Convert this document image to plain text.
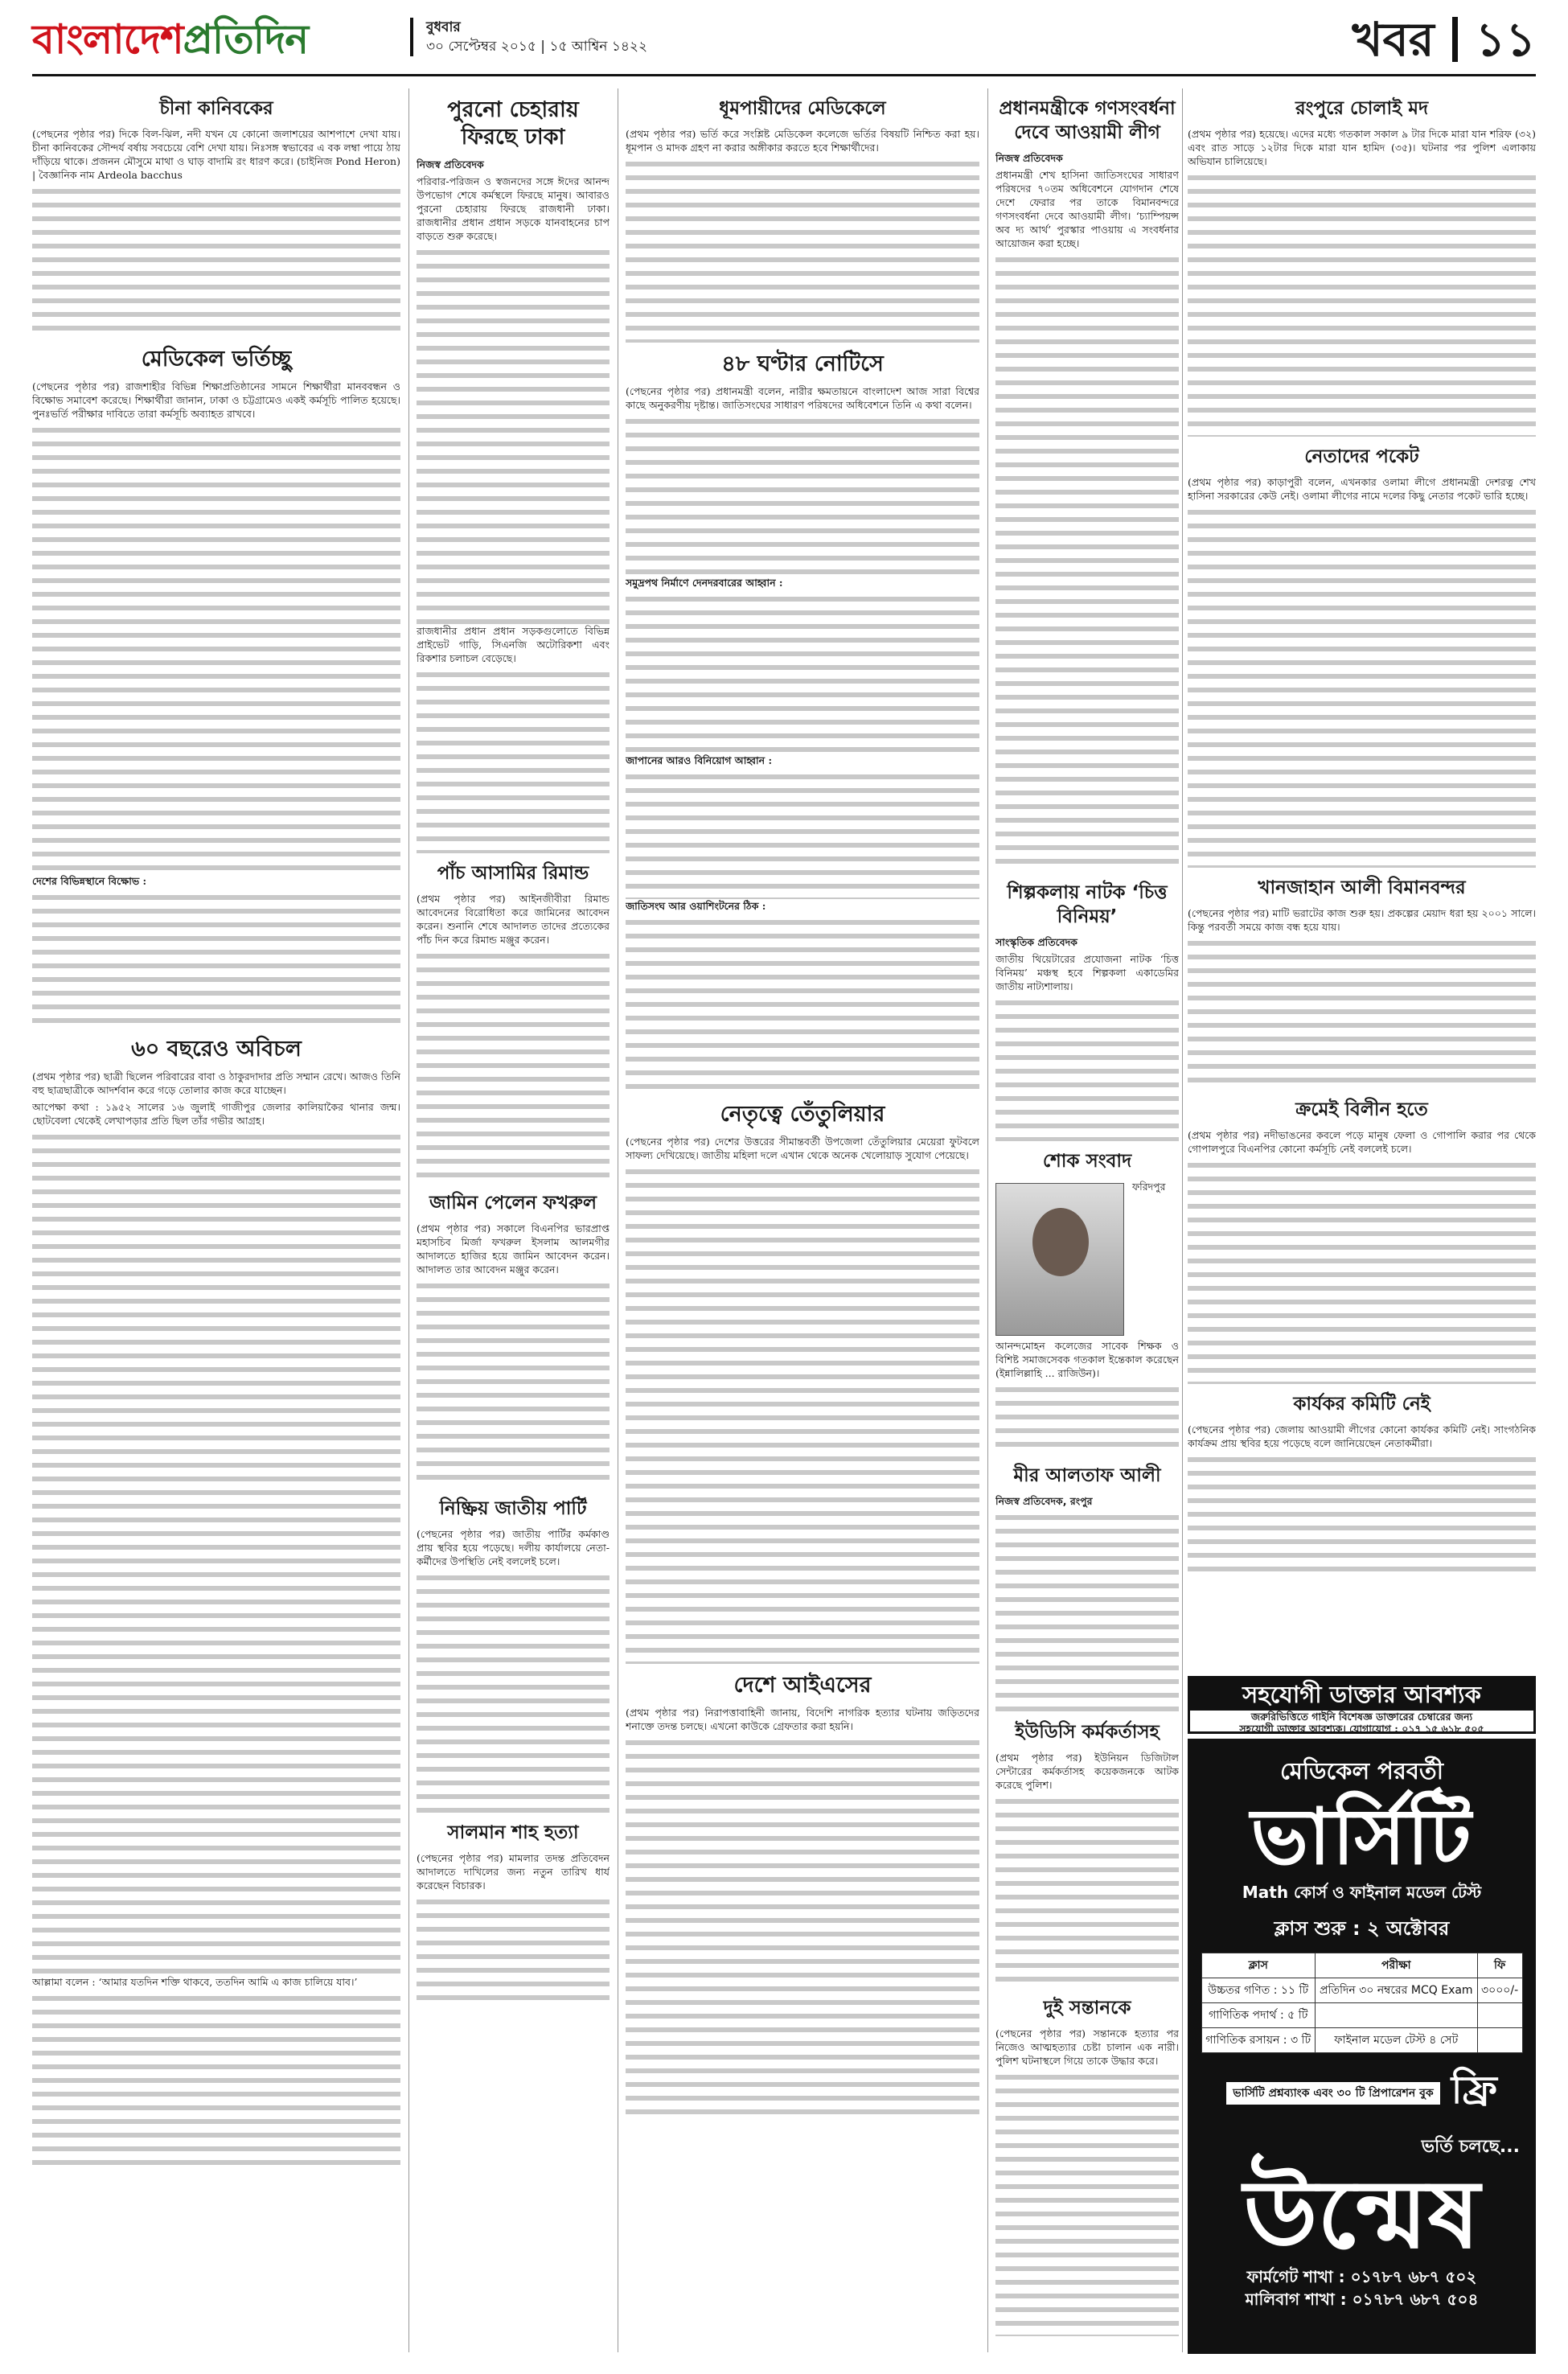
বাংলাদেশপ্রতিদিন	বুধবার
৩০ সেপ্টেম্বর ২০১৫ | ১৫ আশ্বিন ১৪২২	খবর ১১
চীনা কানিবকের

(পেছনের পৃষ্ঠার পর) দিকে বিল-ঝিল, নদী যখন যে কোনো জলাশয়ের আশপাশে দেখা যায়। চীনা কানিবকের সৌন্দর্য বর্ষায় সবচেয়ে বেশি দেখা যায়। নিঃসঙ্গ স্বভাবের এ বক লম্বা পায়ে ঠায় দাঁড়িয়ে থাকে। প্রজনন মৌসুমে মাথা ও ঘাড় বাদামি রং ধারণ করে। (চাইনিজ Pond Heron) | বৈজ্ঞানিক নাম Ardeola bacchus

মেডিকেল ভর্তিচ্ছু

(পেছনের পৃষ্ঠার পর) রাজশাহীর বিভিন্ন শিক্ষাপ্রতিষ্ঠানের সামনে শিক্ষার্থীরা মানববন্ধন ও বিক্ষোভ সমাবেশ করেছে। শিক্ষার্থীরা জানান, ঢাকা ও চট্টগ্রামেও একই কর্মসূচি পালিত হয়েছে। পুনঃভর্তি পরীক্ষার দাবিতে তারা কর্মসূচি অব্যাহত রাখবে।

দেশের বিভিন্নস্থানে বিক্ষোভ :

৬০ বছরেও অবিচল

(প্রথম পৃষ্ঠার পর) ছাত্রী ছিলেন পরিবারের বাবা ও ঠাকুরদাদার প্রতি সম্মান রেখে। আজও তিনি বহু ছাত্রছাত্রীকে আদর্শবান করে গড়ে তোলার কাজ করে যাচ্ছেন।

আপেক্ষা কথা : ১৯৫২ সালের ১৬ জুলাই গাজীপুর জেলার কালিয়াকৈর থানার জন্ম। ছোটবেলা থেকেই লেখাপড়ার প্রতি ছিল তাঁর গভীর আগ্রহ।

আল্লামা বলেন : ‘আমার যতদিন শক্তি থাকবে, ততদিন আমি এ কাজ চালিয়ে যাব।’

পুরনো চেহারায় ফিরছে ঢাকা
নিজস্ব প্রতিবেদক

পরিবার-পরিজন ও স্বজনদের সঙ্গে ঈদের আনন্দ উপভোগ শেষে কর্মস্থলে ফিরছে মানুষ। আবারও পুরনো চেহারায় ফিরছে রাজধানী ঢাকা। রাজধানীর প্রধান প্রধান সড়কে যানবাহনের চাপ বাড়তে শুরু করেছে।

রাজধানীর প্রধান প্রধান সড়কগুলোতে বিভিন্ন প্রাইভেট গাড়ি, সিএনজি অটোরিকশা এবং রিকশার চলাচল বেড়েছে।

পাঁচ আসামির রিমান্ড

(প্রথম পৃষ্ঠার পর) আইনজীবীরা রিমান্ড আবেদনের বিরোধিতা করে জামিনের আবেদন করেন। শুনানি শেষে আদালত তাদের প্রত্যেকের পাঁচ দিন করে রিমান্ড মঞ্জুর করেন।

জামিন পেলেন ফখরুল

(প্রথম পৃষ্ঠার পর) সকালে বিএনপির ভারপ্রাপ্ত মহাসচিব মির্জা ফখরুল ইসলাম আলমগীর আদালতে হাজির হয়ে জামিন আবেদন করেন। আদালত তার আবেদন মঞ্জুর করেন।

নিষ্ক্রিয় জাতীয় পার্টি

(পেছনের পৃষ্ঠার পর) জাতীয় পার্টির কর্মকাণ্ড প্রায় স্থবির হয়ে পড়েছে। দলীয় কার্যালয়ে নেতা-কর্মীদের উপস্থিতি নেই বললেই চলে।

সালমান শাহ হত্যা

(পেছনের পৃষ্ঠার পর) মামলার তদন্ত প্রতিবেদন আদালতে দাখিলের জন্য নতুন তারিখ ধার্য করেছেন বিচারক।

ধূমপায়ীদের মেডিকেলে

(প্রথম পৃষ্ঠার পর) ভর্তি করে সংশ্লিষ্ট মেডিকেল কলেজে ভর্তির বিষয়টি নিশ্চিত করা হয়। ধূমপান ও মাদক গ্রহণ না করার অঙ্গীকার করতে হবে শিক্ষার্থীদের।

৪৮ ঘণ্টার নোটিসে

(পেছনের পৃষ্ঠার পর) প্রধানমন্ত্রী বলেন, নারীর ক্ষমতায়নে বাংলাদেশ আজ সারা বিশ্বের কাছে অনুকরণীয় দৃষ্টান্ত। জাতিসংঘের সাধারণ পরিষদের অধিবেশনে তিনি এ কথা বলেন।

সমুদ্রপথ নির্মাণে দেনদরবারের আহ্বান :

জাপানের আরও বিনিয়োগ আহ্বান :

জাতিসংঘ আর ওয়াশিংটনের ঠিক :

নেতৃত্বে তেঁতুলিয়ার

(পেছনের পৃষ্ঠার পর) দেশের উত্তরের সীমান্তবর্তী উপজেলা তেঁতুলিয়ার মেয়েরা ফুটবলে সাফল্য দেখিয়েছে। জাতীয় মহিলা দলে এখান থেকে অনেক খেলোয়াড় সুযোগ পেয়েছে।

দেশে আইএসের

(প্রথম পৃষ্ঠার পর) নিরাপত্তাবাহিনী জানায়, বিদেশি নাগরিক হত্যার ঘটনায় জড়িতদের শনাক্তে তদন্ত চলছে। এখনো কাউকে গ্রেফতার করা হয়নি।

প্রধানমন্ত্রীকে গণসংবর্ধনা দেবে আওয়ামী লীগ
নিজস্ব প্রতিবেদক

প্রধানমন্ত্রী শেখ হাসিনা জাতিসংঘের সাধারণ পরিষদের ৭০তম অধিবেশনে যোগদান শেষে দেশে ফেরার পর তাকে বিমানবন্দরে গণসংবর্ধনা দেবে আওয়ামী লীগ। ‘চ্যাম্পিয়ন্স অব দ্য আর্থ’ পুরস্কার পাওয়ায় এ সংবর্ধনার আয়োজন করা হচ্ছে।

শিল্পকলায় নাটক ‘চিত্ত বিনিময়’
সাংস্কৃতিক প্রতিবেদক

জাতীয় থিয়েটারের প্রযোজনা নাটক ‘চিত্ত বিনিময়’ মঞ্চস্থ হবে শিল্পকলা একাডেমির জাতীয় নাট্যশালায়।

শোক সংবাদ

ফরিদপুর আনন্দমোহন কলেজের সাবেক শিক্ষক ও বিশিষ্ট সমাজসেবক গতকাল ইন্তেকাল করেছেন (ইন্নালিল্লাহি ... রাজিউন)।

মীর আলতাফ আলী
নিজস্ব প্রতিবেদক, রংপুর
ইউডিসি কর্মকর্তাসহ

(প্রথম পৃষ্ঠার পর) ইউনিয়ন ডিজিটাল সেন্টারের কর্মকর্তাসহ কয়েকজনকে আটক করেছে পুলিশ।

দুই সন্তানকে

(পেছনের পৃষ্ঠার পর) সন্তানকে হত্যার পর নিজেও আত্মহত্যার চেষ্টা চালান এক নারী। পুলিশ ঘটনাস্থলে গিয়ে তাকে উদ্ধার করে।

রংপুরে চোলাই মদ

(প্রথম পৃষ্ঠার পর) হয়েছে। এদের মধ্যে গতকাল সকাল ৯ টার দিকে মারা যান শরিফ (৩২) এবং রাত সাড়ে ১২টার দিকে মারা যান হামিদ (৩৫)। ঘটনার পর পুলিশ এলাকায় অভিযান চালিয়েছে।

নেতাদের পকেট

(প্রথম পৃষ্ঠার পর) কাড়াপুরী বলেন, এখনকার ওলামা লীগে প্রধানমন্ত্রী দেশরত্ন শেখ হাসিনা সরকারের কেউ নেই। ওলামা লীগের নামে দলের কিছু নেতার পকেট ভারি হচ্ছে।

খানজাহান আলী বিমানবন্দর

(পেছনের পৃষ্ঠার পর) মাটি ভরাটের কাজ শুরু হয়। প্রকল্পের মেয়াদ ধরা হয় ২০০১ সালে। কিন্তু পরবর্তী সময়ে কাজ বন্ধ হয়ে যায়।

ক্রমেই বিলীন হতে

(প্রথম পৃষ্ঠার পর) নদীভাঙনের কবলে পড়ে মানুষ ফেলা ও গোপালি করার পর থেকে গোপালপুরে বিএনপির কোনো কর্মসূচি নেই বললেই চলে।

কার্যকর কমিটি নেই

(পেছনের পৃষ্ঠার পর) জেলায় আওয়ামী লীগের কোনো কার্যকর কমিটি নেই। সাংগঠনিক কার্যক্রম প্রায় স্থবির হয়ে পড়েছে বলে জানিয়েছেন নেতাকর্মীরা।

সহযোগী ডাক্তার আবশ্যক
জরুরিভিত্তিতে গাইনি বিশেষজ্ঞ ডাক্তারের চেম্বারের জন্য
সহযোগী ডাক্তার আবশ্যক। যোগাযোগ : ০১৭ ১৫ ৬১৮ ৫০৫
মেডিকেল পরবর্তী
ভার্সিটি
Math কোর্স ও ফাইনাল মডেল টেস্ট
ক্লাস শুরু : ২ অক্টোবর
ক্লাস	পরীক্ষা	ফি
উচ্চতর গণিত : ১১ টি	প্রতিদিন ৩০ নম্বরের MCQ Exam	৩০০০/-
গাণিতিক পদার্থ : ৫ টি		
গাণিতিক রসায়ন : ৩ টি	ফাইনাল মডেল টেস্ট ৪ সেট	
ভার্সিটি প্রশ্নব্যাংক এবং ৩০ টি প্রিপারেশন বুক ফ্রি
ভর্তি চলছে...
উন্মেষ
ফার্মগেট শাখা : ০১৭৮৭ ৬৮৭ ৫০২
মালিবাগ শাখা : ০১৭৮৭ ৬৮৭ ৫০৪
